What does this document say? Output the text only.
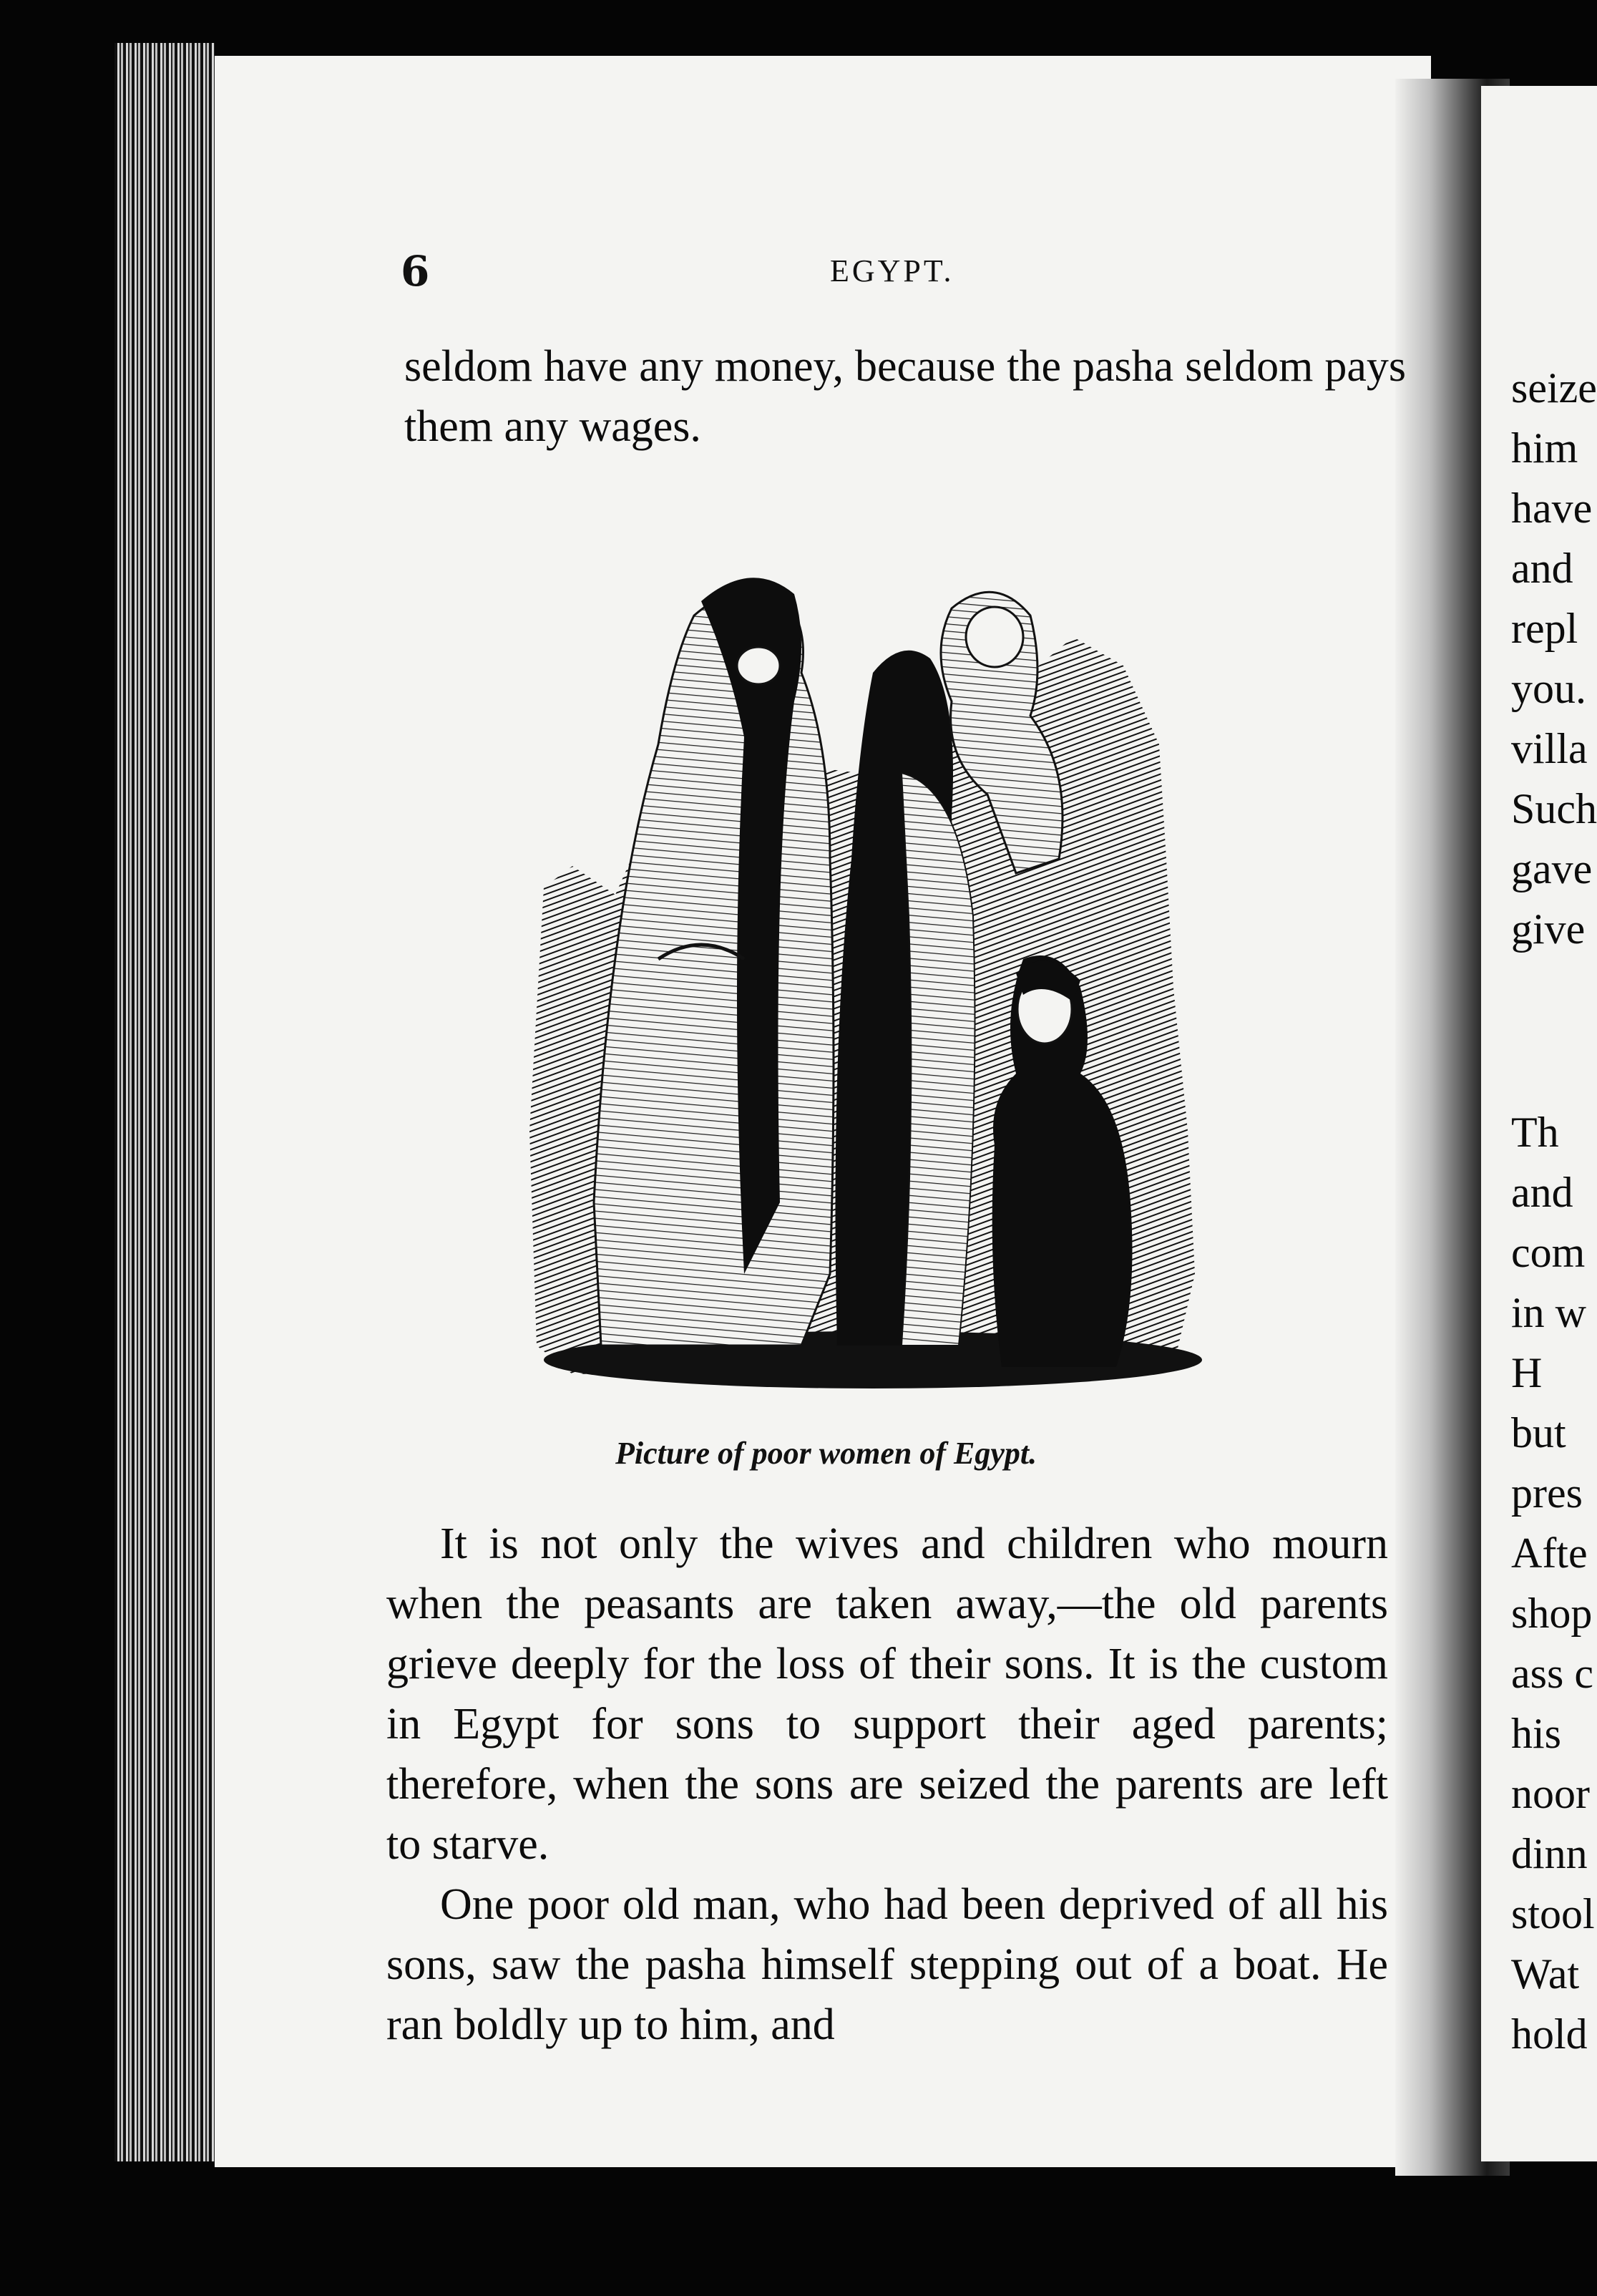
6	EGYPT.

seldom have any money, because the pasha seldom pays them any wages.

Picture of poor women of Egypt.

It is not only the wives and children who mourn when the peasants are taken away,—the old parents grieve deeply for the loss of their sons. It is the custom in Egypt for sons to support their aged parents; therefore, when the sons are seized the parents are left to starve.

One poor old man, who had been deprived of all his sons, saw the pasha himself stepping out of a boat. He ran boldly up to him, and

seize
him
have
and
repl
you.
villa
Such
gave
give
Th
and
com
in w
H
but
pres
Afte
shop
ass c
his
noor
dinn
stool
Wat
hold
